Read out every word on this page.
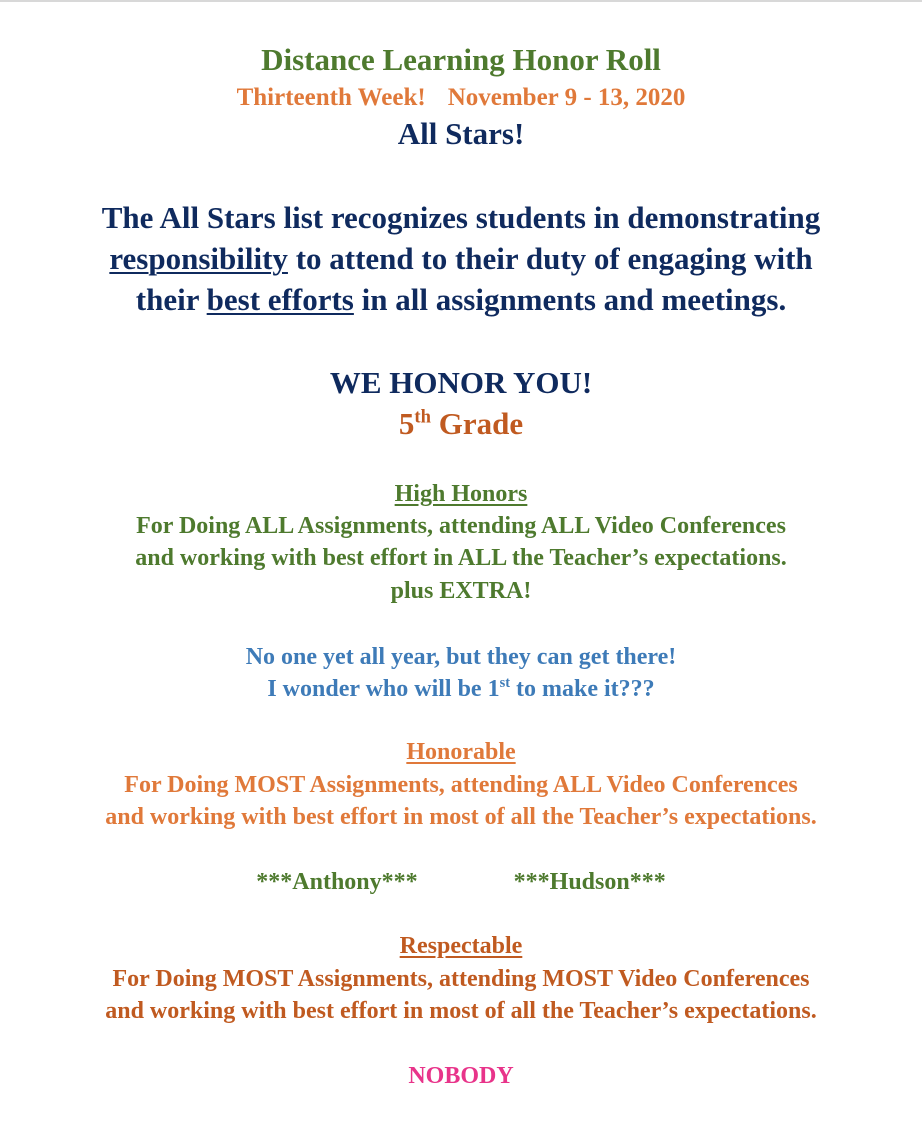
Distance Learning Honor Roll
Thirteenth Week! November 9 - 13, 2020
All Stars!
The All Stars list recognizes students in demonstrating
responsibility to attend to their duty of engaging with
their best efforts in all assignments and meetings.
WE HONOR YOU!
5th Grade
High Honors
For Doing ALL Assignments, attending ALL Video Conferences
and working with best effort in ALL the Teacher’s expectations.
plus EXTRA!
No one yet all year, but they can get there!
I wonder who will be 1st to make it???
Honorable
For Doing MOST Assignments, attending ALL Video Conferences
and working with best effort in most of all the Teacher’s expectations.
***Anthony***	***Hudson***
Respectable
For Doing MOST Assignments, attending MOST Video Conferences
and working with best effort in most of all the Teacher’s expectations.
NOBODY
